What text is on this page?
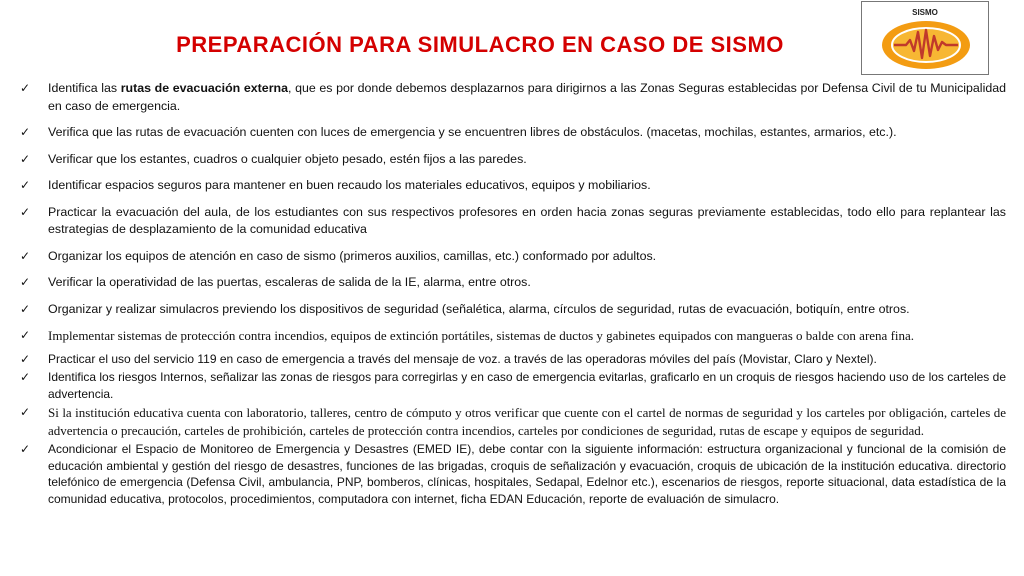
PREPARACIÓN PARA SIMULACRO EN CASO DE SISMO
SISMO
✓ Identifica las rutas de evacuación externa, que es por donde debemos desplazarnos para dirigirnos a las Zonas Seguras establecidas por Defensa Civil de tu Municipalidad en caso de emergencia.
✓ Verifica que las rutas de evacuación cuenten con luces de emergencia y se encuentren libres de obstáculos. (macetas, mochilas, estantes, armarios, etc.).
✓ Verificar que los estantes, cuadros o cualquier objeto pesado, estén fijos a las paredes.
✓ Identificar espacios seguros para mantener en buen recaudo los materiales educativos, equipos y mobiliarios.
✓ Practicar la evacuación del aula, de los estudiantes con sus respectivos profesores en orden hacia zonas seguras previamente establecidas, todo ello para replantear las estrategias de desplazamiento de la comunidad educativa
✓ Organizar los equipos de atención en caso de sismo (primeros auxilios, camillas, etc.) conformado por adultos.
✓ Verificar la operatividad de las puertas, escaleras de salida de la IE, alarma, entre otros.
✓ Organizar y realizar simulacros previendo los dispositivos de seguridad (señalética, alarma, círculos de seguridad, rutas de evacuación, botiquín, entre otros.
✓ Implementar sistemas de protección contra incendios, equipos de extinción portátiles, sistemas de ductos y gabinetes equipados con mangueras o balde con arena fina.
✓ Practicar el uso del servicio 119 en caso de emergencia a través del mensaje de voz. a través de las operadoras móviles del país (Movistar, Claro y Nextel).
✓ Identifica los riesgos Internos, señalizar las zonas de riesgos para corregirlas y en caso de emergencia evitarlas, graficarlo en un croquis de riesgos haciendo uso de los carteles de advertencia.
✓ Si la institución educativa cuenta con laboratorio, talleres, centro de cómputo y otros verificar que cuente con el cartel de normas de seguridad y los carteles por obligación, carteles de advertencia o precaución, carteles de prohibición, carteles de protección contra incendios, carteles por condiciones de seguridad, rutas de escape y equipos de seguridad.
✓ Acondicionar el Espacio de Monitoreo de Emergencia y Desastres (EMED IE), debe contar con la siguiente información: estructura organizacional y funcional de la comisión de educación ambiental y gestión del riesgo de desastres, funciones de las brigadas, croquis de señalización y evacuación, croquis de ubicación de la institución educativa. directorio telefónico de emergencia (Defensa Civil, ambulancia, PNP, bomberos, clínicas, hospitales, Sedapal, Edelnor etc.), escenarios de riesgos, reporte situacional, data estadística de la comunidad educativa, protocolos, procedimientos, computadora con internet, ficha EDAN Educación, reporte de evaluación de simulacro.
